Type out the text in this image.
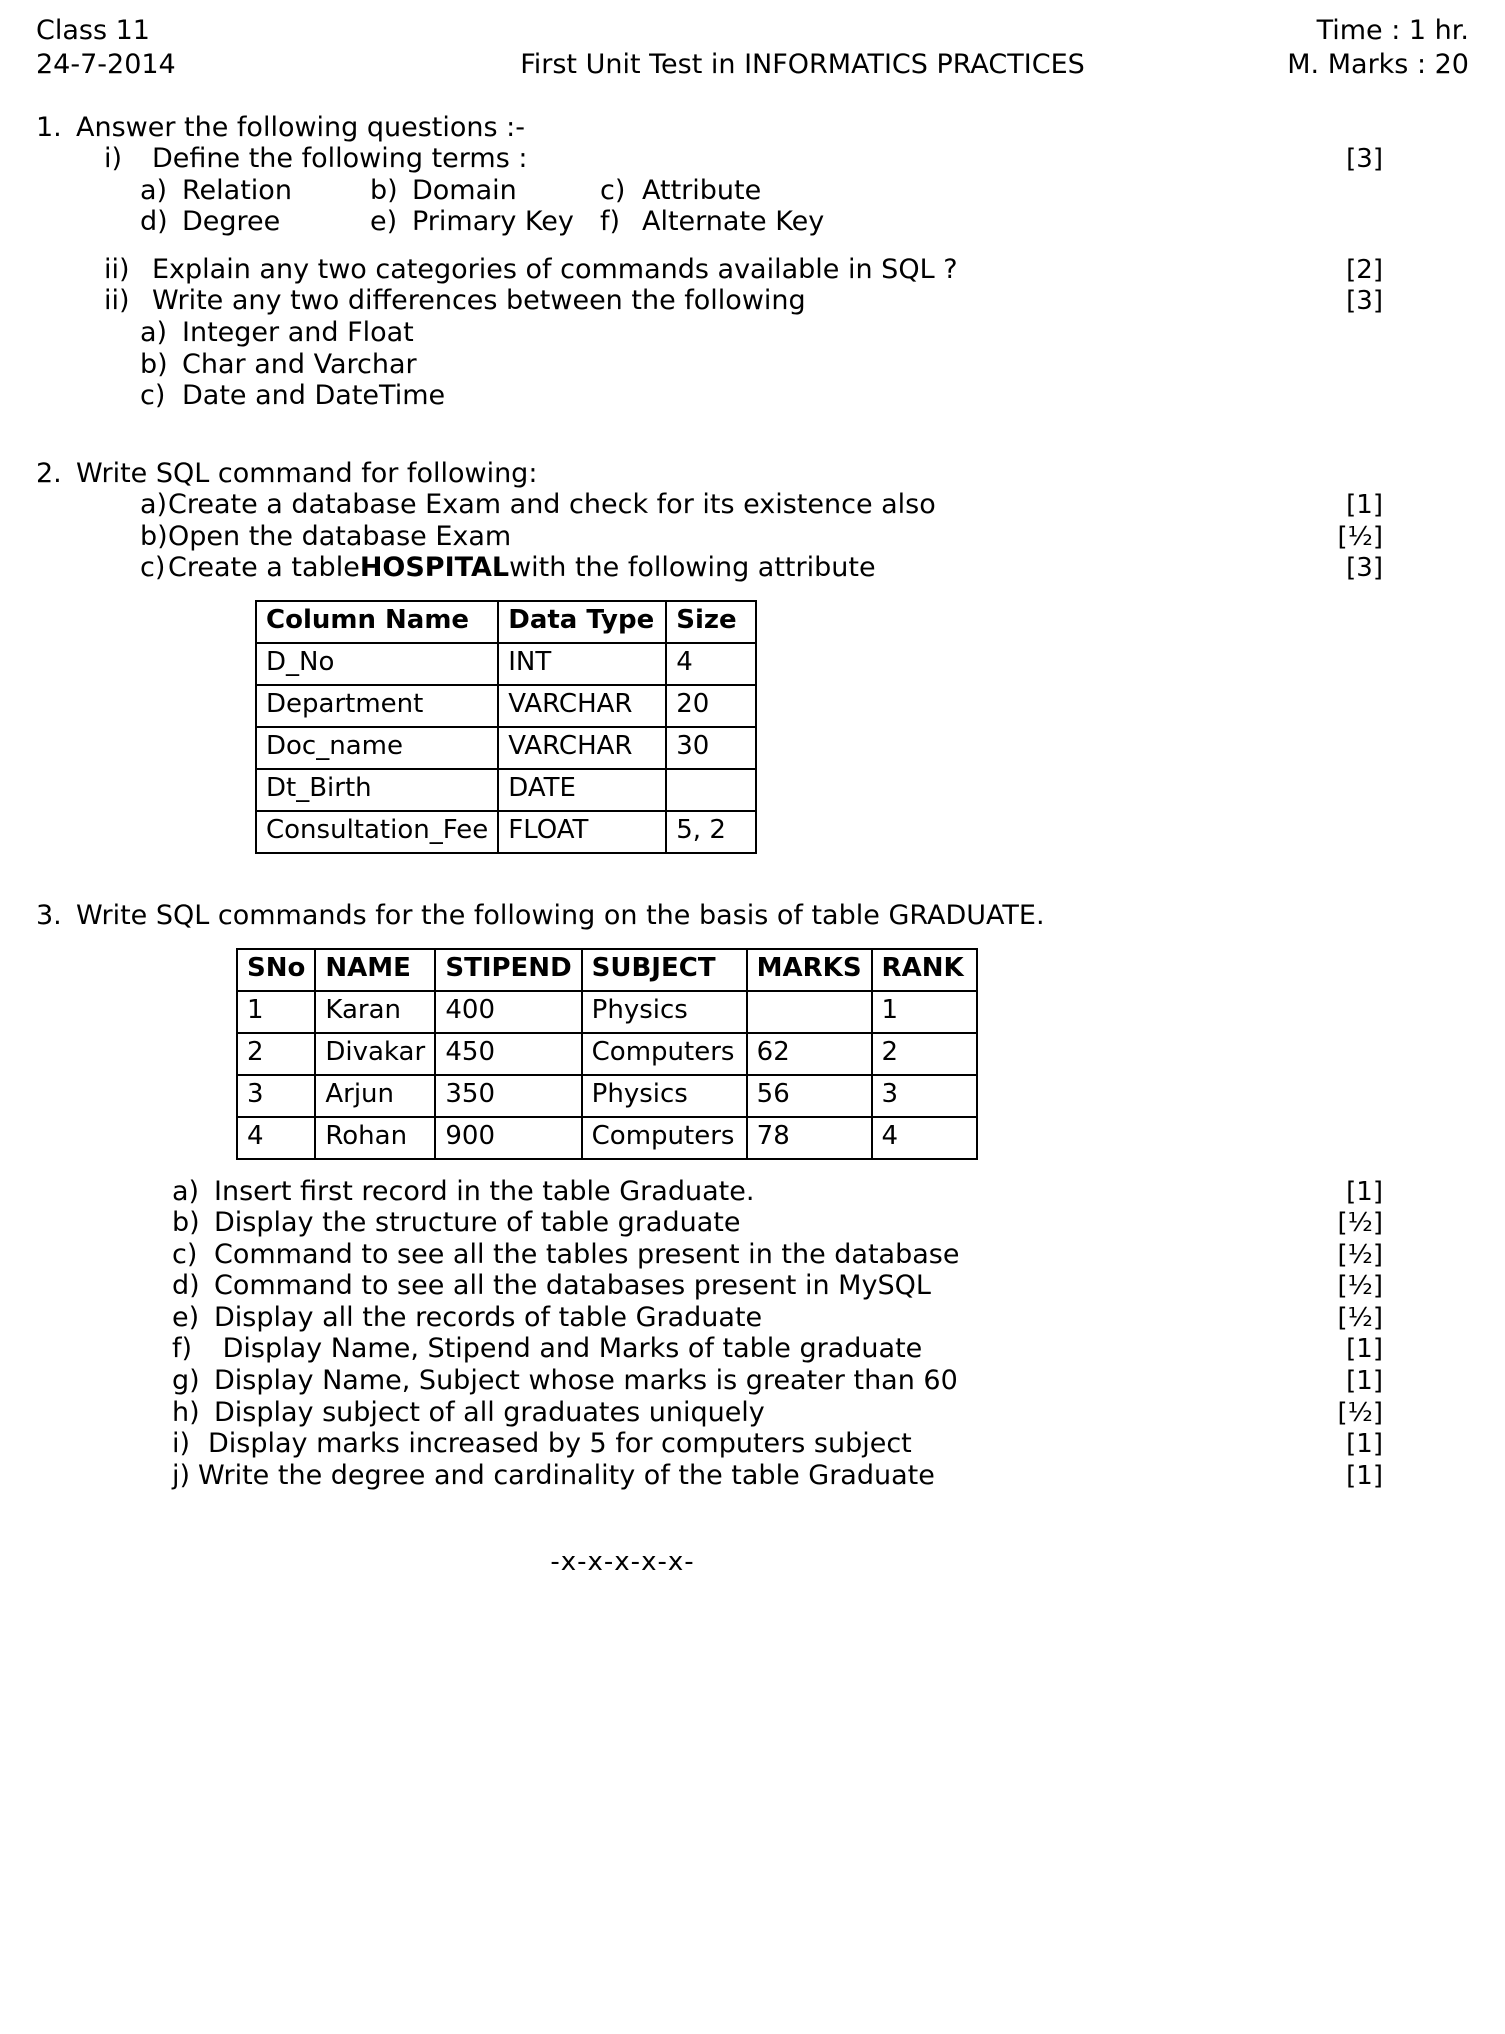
Class 11	Time : 1 hr.
24-7-2014	First Unit Test in INFORMATICS PRACTICES	M. Marks : 20
1. Answer the following questions :-
i)	Define the following terms :	[3]
a) Relation	b) Domain	c) Attribute
d) Degree	e) Primary Key f) Alternate Key
ii) Explain any two categories of commands available in SQL ?	[2]
ii) Write any two differences between the following	[3]
a) Integer and Float
b) Char and Varchar
c) Date and DateTime
2. Write SQL command for following:
a) Create a database Exam and check for its existence also	[1]
b) Open the database Exam	[½]
c) Create a table HOSPITAL with the following attribute	[3]
Column Name	Data Type	Size
D_No	INT	4
Department	VARCHAR	20
Doc_name	VARCHAR	30
Dt_Birth	DATE	
Consultation_Fee	FLOAT	5, 2
3. Write SQL commands for the following on the basis of table GRADUATE.
SNo	NAME	STIPEND	SUBJECT	MARKS	RANK
1	Karan	400	Physics		1
2	Divakar	450	Computers	62	2
3	Arjun	350	Physics	56	3
4	Rohan	900	Computers	78	4
a) Insert first record in the table Graduate.	[1]
b) Display the structure of table graduate	[½]
c) Command to see all the tables present in the database	[½]
d) Command to see all the databases present in MySQL	[½]
e) Display all the records of table Graduate	[½]
f) Display Name, Stipend and Marks of table graduate	[1]
g) Display Name, Subject whose marks is greater than 60	[1]
h) Display subject of all graduates uniquely	[½]
i) Display marks increased by 5 for computers subject	[1]
j) Write the degree and cardinality of the table Graduate	[1]
-x-x-x-x-x-
